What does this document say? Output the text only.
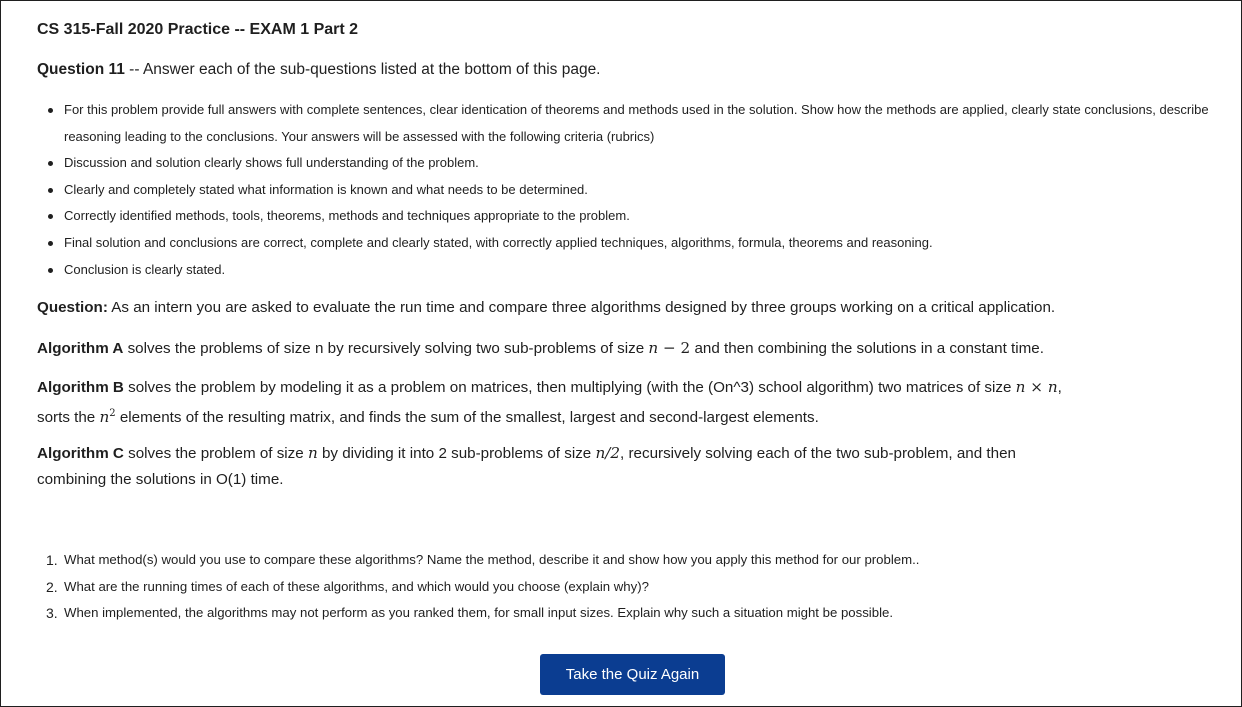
CS 315-Fall 2020 Practice -- EXAM 1 Part 2
Question 11 -- Answer each of the sub-questions listed at the bottom of this page.
For this problem provide full answers with complete sentences, clear identication of theorems and methods used in the solution. Show how the methods are applied, clearly state conclusions, describe reasoning leading to the conclusions. Your answers will be assessed with the following criteria (rubrics)
Discussion and solution clearly shows full understanding of the problem.
Clearly and completely stated what information is known and what needs to be determined.
Correctly identified methods, tools, theorems, methods and techniques appropriate to the problem.
Final solution and conclusions are correct, complete and clearly stated, with correctly applied techniques, algorithms, formula, theorems and reasoning.
Conclusion is clearly stated.

Question: As an intern you are asked to evaluate the run time and compare three algorithms designed by three groups working on a critical application.

Algorithm A solves the problems of size n by recursively solving two sub-problems of size n − 2 and then combining the solutions in a constant time.

Algorithm B solves the problem by modeling it as a problem on matrices, then multiplying (with the (On^3) school algorithm) two matrices of size n × n,
sorts the $n^2$ elements of the resulting matrix, and finds the sum of the smallest, largest and second-largest elements.

Algorithm C solves the problem of size n by dividing it into 2 sub-problems of size n/2, recursively solving each of the two sub-problem, and then
combining the solutions in O(1) time.

1. What method(s) would you use to compare these algorithms? Name the method, describe it and show how you apply this method for our problem..
2. What are the running times of each of these algorithms, and which would you choose (explain why)?
3. When implemented, the algorithms may not perform as you ranked them, for small input sizes. Explain why such a situation might be possible.
Take the Quiz Again
